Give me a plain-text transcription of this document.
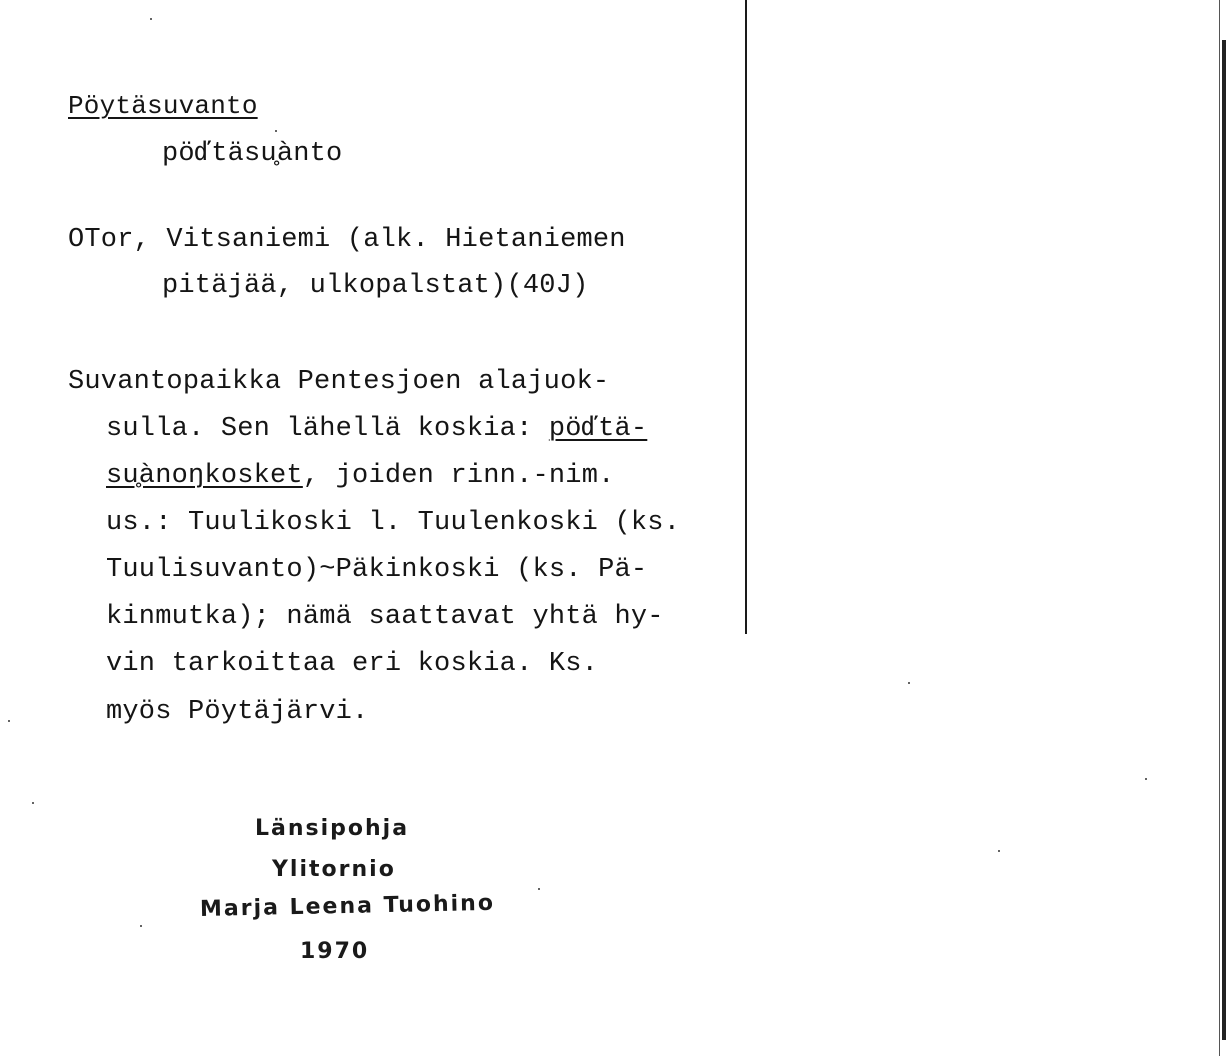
Pöytäsuvanto
pöďtäsu̥ànto
OTor, Vitsaniemi (alk. Hietaniemen
pitäjää, ulkopalstat)(40J)
Suvantopaikka Pentesjoen alajuok-
sulla. Sen lähellä koskia: pöďtä-
su̥ànoŋkosket, joiden rinn.-nim.
us.: Tuulikoski l. Tuulenkoski (ks.
Tuulisuvanto)~Päkinkoski (ks. Pä-
kinmutka); nämä saattavat yhtä hy-
vin tarkoittaa eri koskia. Ks.
myös Pöytäjärvi.
Länsipohja
Ylitornio
Marja Leena Tuohino
1970
